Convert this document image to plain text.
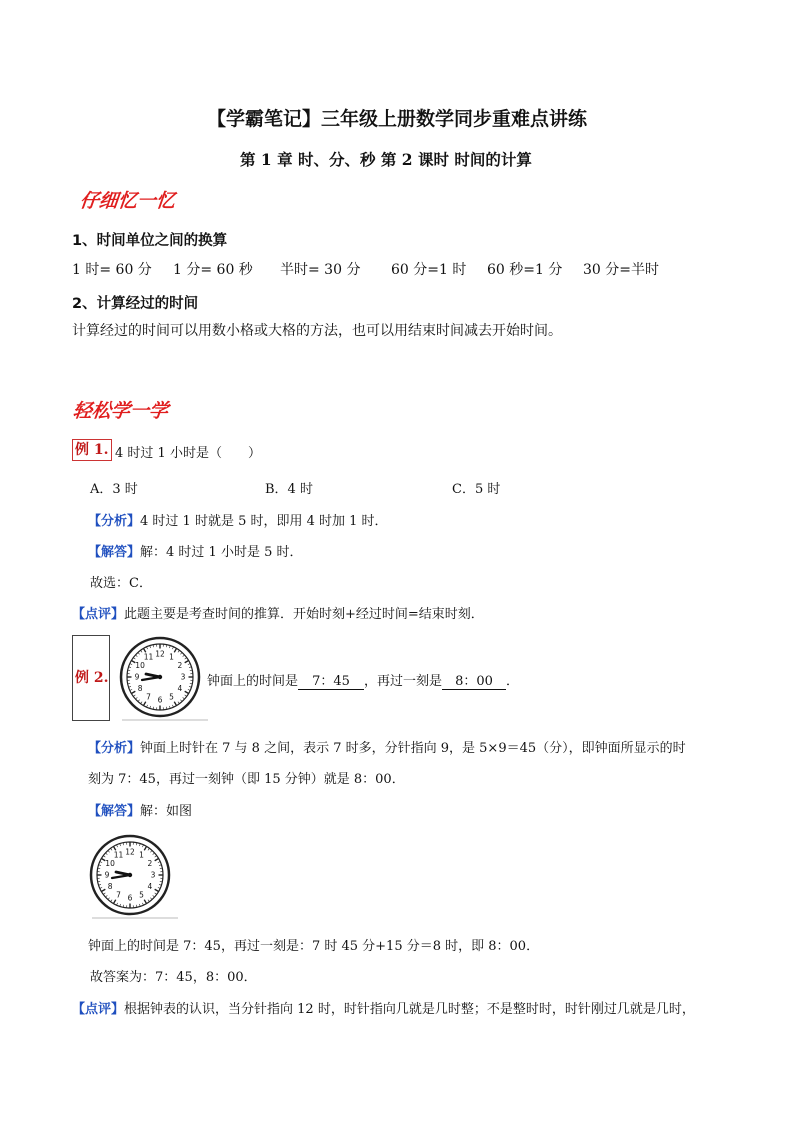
【学霸笔记】三年级上册数学同步重难点讲练
第 1 章 时、分、秒 第 2 课时 时间的计算
仔细忆一忆
1、时间单位之间的换算
1 时= 60 分 1 分= 60 秒 半时= 30 分 60 分=1 时 60 秒=1 分 30 分=半时
2、计算经过的时间
计算经过的时间可以用数小格或大格的方法，也可以用结束时间减去开始时间。
轻松学一学
例 1. 4 时过 1 小时是（　　）
A．3 时	B．4 时	C．5 时
【分析】4 时过 1 时就是 5 时，即用 4 时加 1 时．
【解答】解：4 时过 1 小时是 5 时．
故选：C．
【点评】此题主要是考查时间的推算．开始时刻+经过时间=结束时刻．
例 2.
12 1
2
3
4
5
6
7
8
9
10
11
钟面上的时间是 7：45 ，再过一刻是 8：00 ．
【分析】钟面上时针在 7 与 8 之间，表示 7 时多，分针指向 9，是 5×9＝45（分），即钟面所显示的时
刻为 7：45，再过一刻钟（即 15 分钟）就是 8：00．
【解答】解：如图
12 1
2
3
4
5
6
7
8
9
10
11
钟面上的时间是 7：45，再过一刻是：7 时 45 分+15 分＝8 时，即 8：00．
故答案为：7：45，8：00．
【点评】根据钟表的认识，当分针指向 12 时，时针指向几就是几时整；不是整时时，时针刚过几就是几时，
